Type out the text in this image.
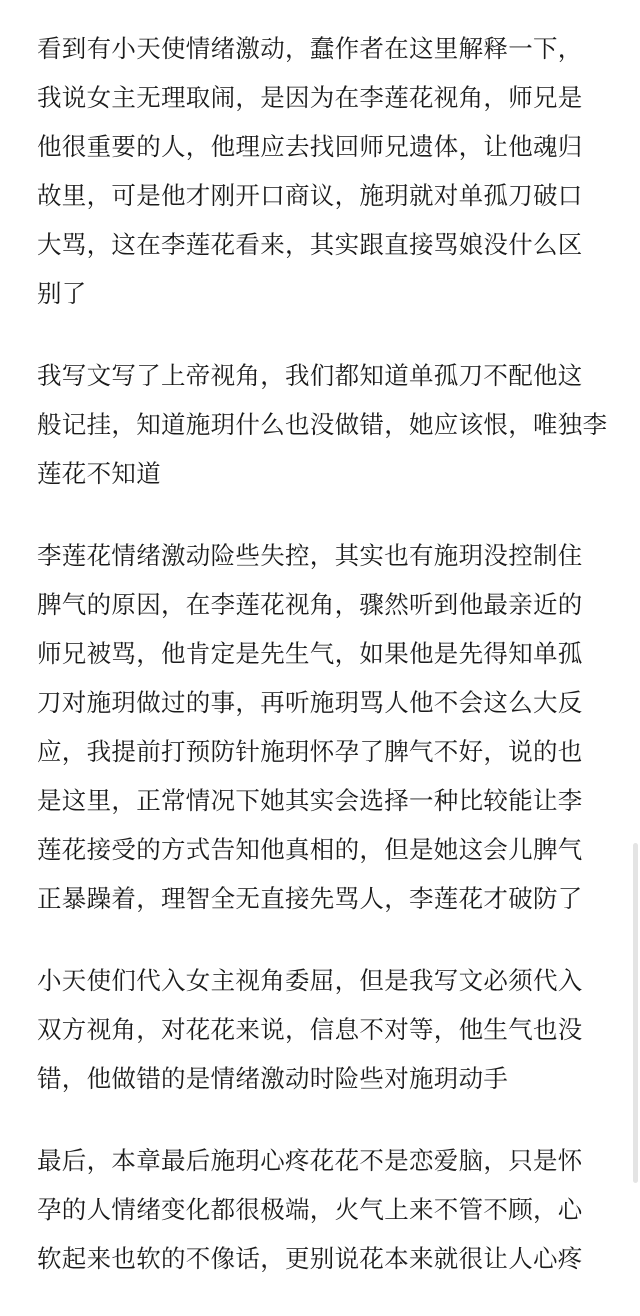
看到有小天使情绪激动，蠢作者在这里解释一下，
我说女主无理取闹，是因为在李莲花视角，师兄是
他很重要的人，他理应去找回师兄遗体，让他魂归
故里，可是他才刚开口商议，施玥就对单孤刀破口
大骂，这在李莲花看来，其实跟直接骂娘没什么区
别了

我写文写了上帝视角，我们都知道单孤刀不配他这
般记挂，知道施玥什么也没做错，她应该恨，唯独李
莲花不知道

李莲花情绪激动险些失控，其实也有施玥没控制住
脾气的原因，在李莲花视角，骤然听到他最亲近的
师兄被骂，他肯定是先生气，如果他是先得知单孤
刀对施玥做过的事，再听施玥骂人他不会这么大反
应，我提前打预防针施玥怀孕了脾气不好，说的也
是这里，正常情况下她其实会选择一种比较能让李
莲花接受的方式告知他真相的，但是她这会儿脾气
正暴躁着，理智全无直接先骂人，李莲花才破防了

小天使们代入女主视角委屈，但是我写文必须代入
双方视角，对花花来说，信息不对等，他生气也没
错，他做错的是情绪激动时险些对施玥动手

最后，本章最后施玥心疼花花不是恋爱脑，只是怀
孕的人情绪变化都很极端，火气上来不管不顾，心
软起来也软的不像话，更别说花本来就很让人心疼
